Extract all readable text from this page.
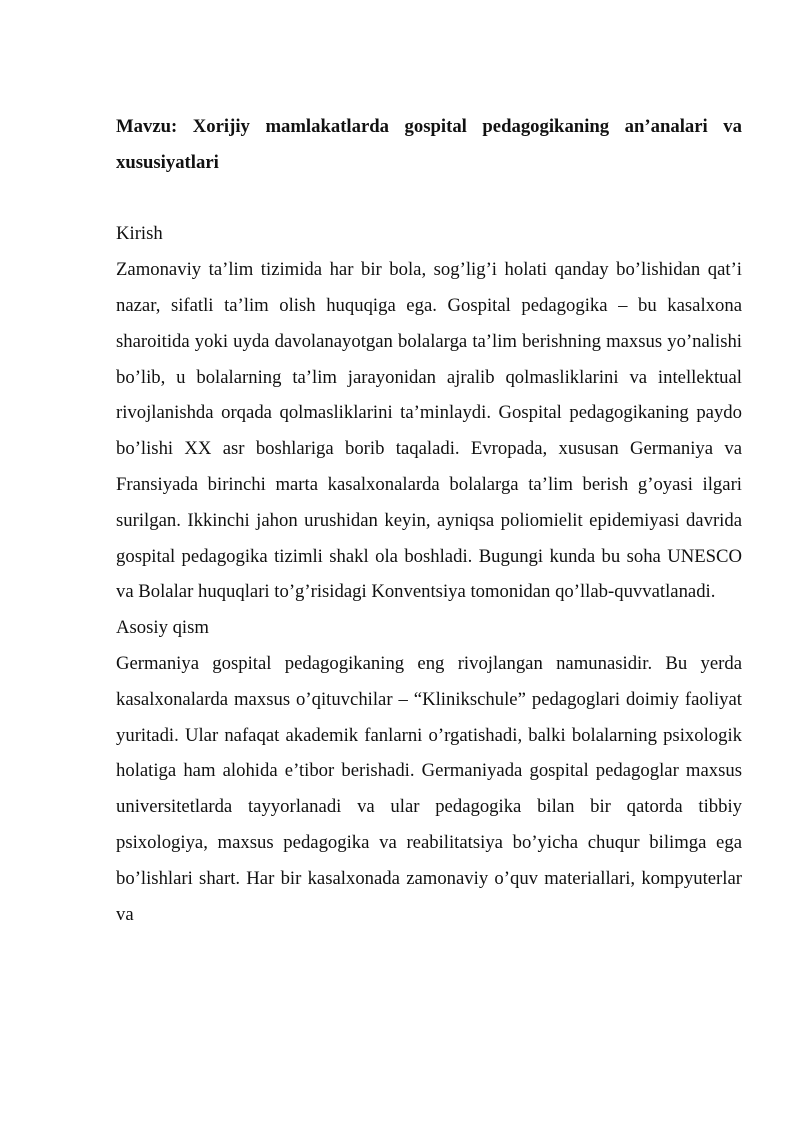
Mavzu: Xorijiy mamlakatlarda gospital pedagogikaning an’analari va xususiyatlari

Kirish

Zamonaviy ta’lim tizimida har bir bola, sog’lig’i holati qanday bo’lishidan qat’i nazar, sifatli ta’lim olish huquqiga ega. Gospital pedagogika – bu kasalxona sharoitida yoki uyda davolanayotgan bolalarga ta’lim berishning maxsus yo’nalishi bo’lib, u bolalarning ta’lim jarayonidan ajralib qolmasliklarini va intellektual rivojlanishda orqada qolmasliklarini ta’minlaydi. Gospital pedagogikaning paydo bo’lishi XX asr boshlariga borib taqaladi. Evropada, xususan Germaniya va Fransiyada birinchi marta kasalxonalarda bolalarga ta’lim berish g’oyasi ilgari surilgan. Ikkinchi jahon urushidan keyin, ayniqsa poliomielit epidemiyasi davrida gospital pedagogika tizimli shakl ola boshladi. Bugungi kunda bu soha UNESCO va Bolalar huquqlari to’g’risidagi Konventsiya tomonidan qo’llab-quvvatlanadi.

Asosiy qism

Germaniya gospital pedagogikaning eng rivojlangan namunasidir. Bu yerda kasalxonalarda maxsus o’qituvchilar – “Klinikschule” pedagoglari doimiy faoliyat yuritadi. Ular nafaqat akademik fanlarni o’rgatishadi, balki bolalarning psixologik holatiga ham alohida e’tibor berishadi. Germaniyada gospital pedagoglar maxsus universitetlarda tayyorlanadi va ular pedagogika bilan bir qatorda tibbiy psixologiya, maxsus pedagogika va reabilitatsiya bo’yicha chuqur bilimga ega bo’lishlari shart. Har bir kasalxonada zamonaviy o’quv materiallari, kompyuterlar va
